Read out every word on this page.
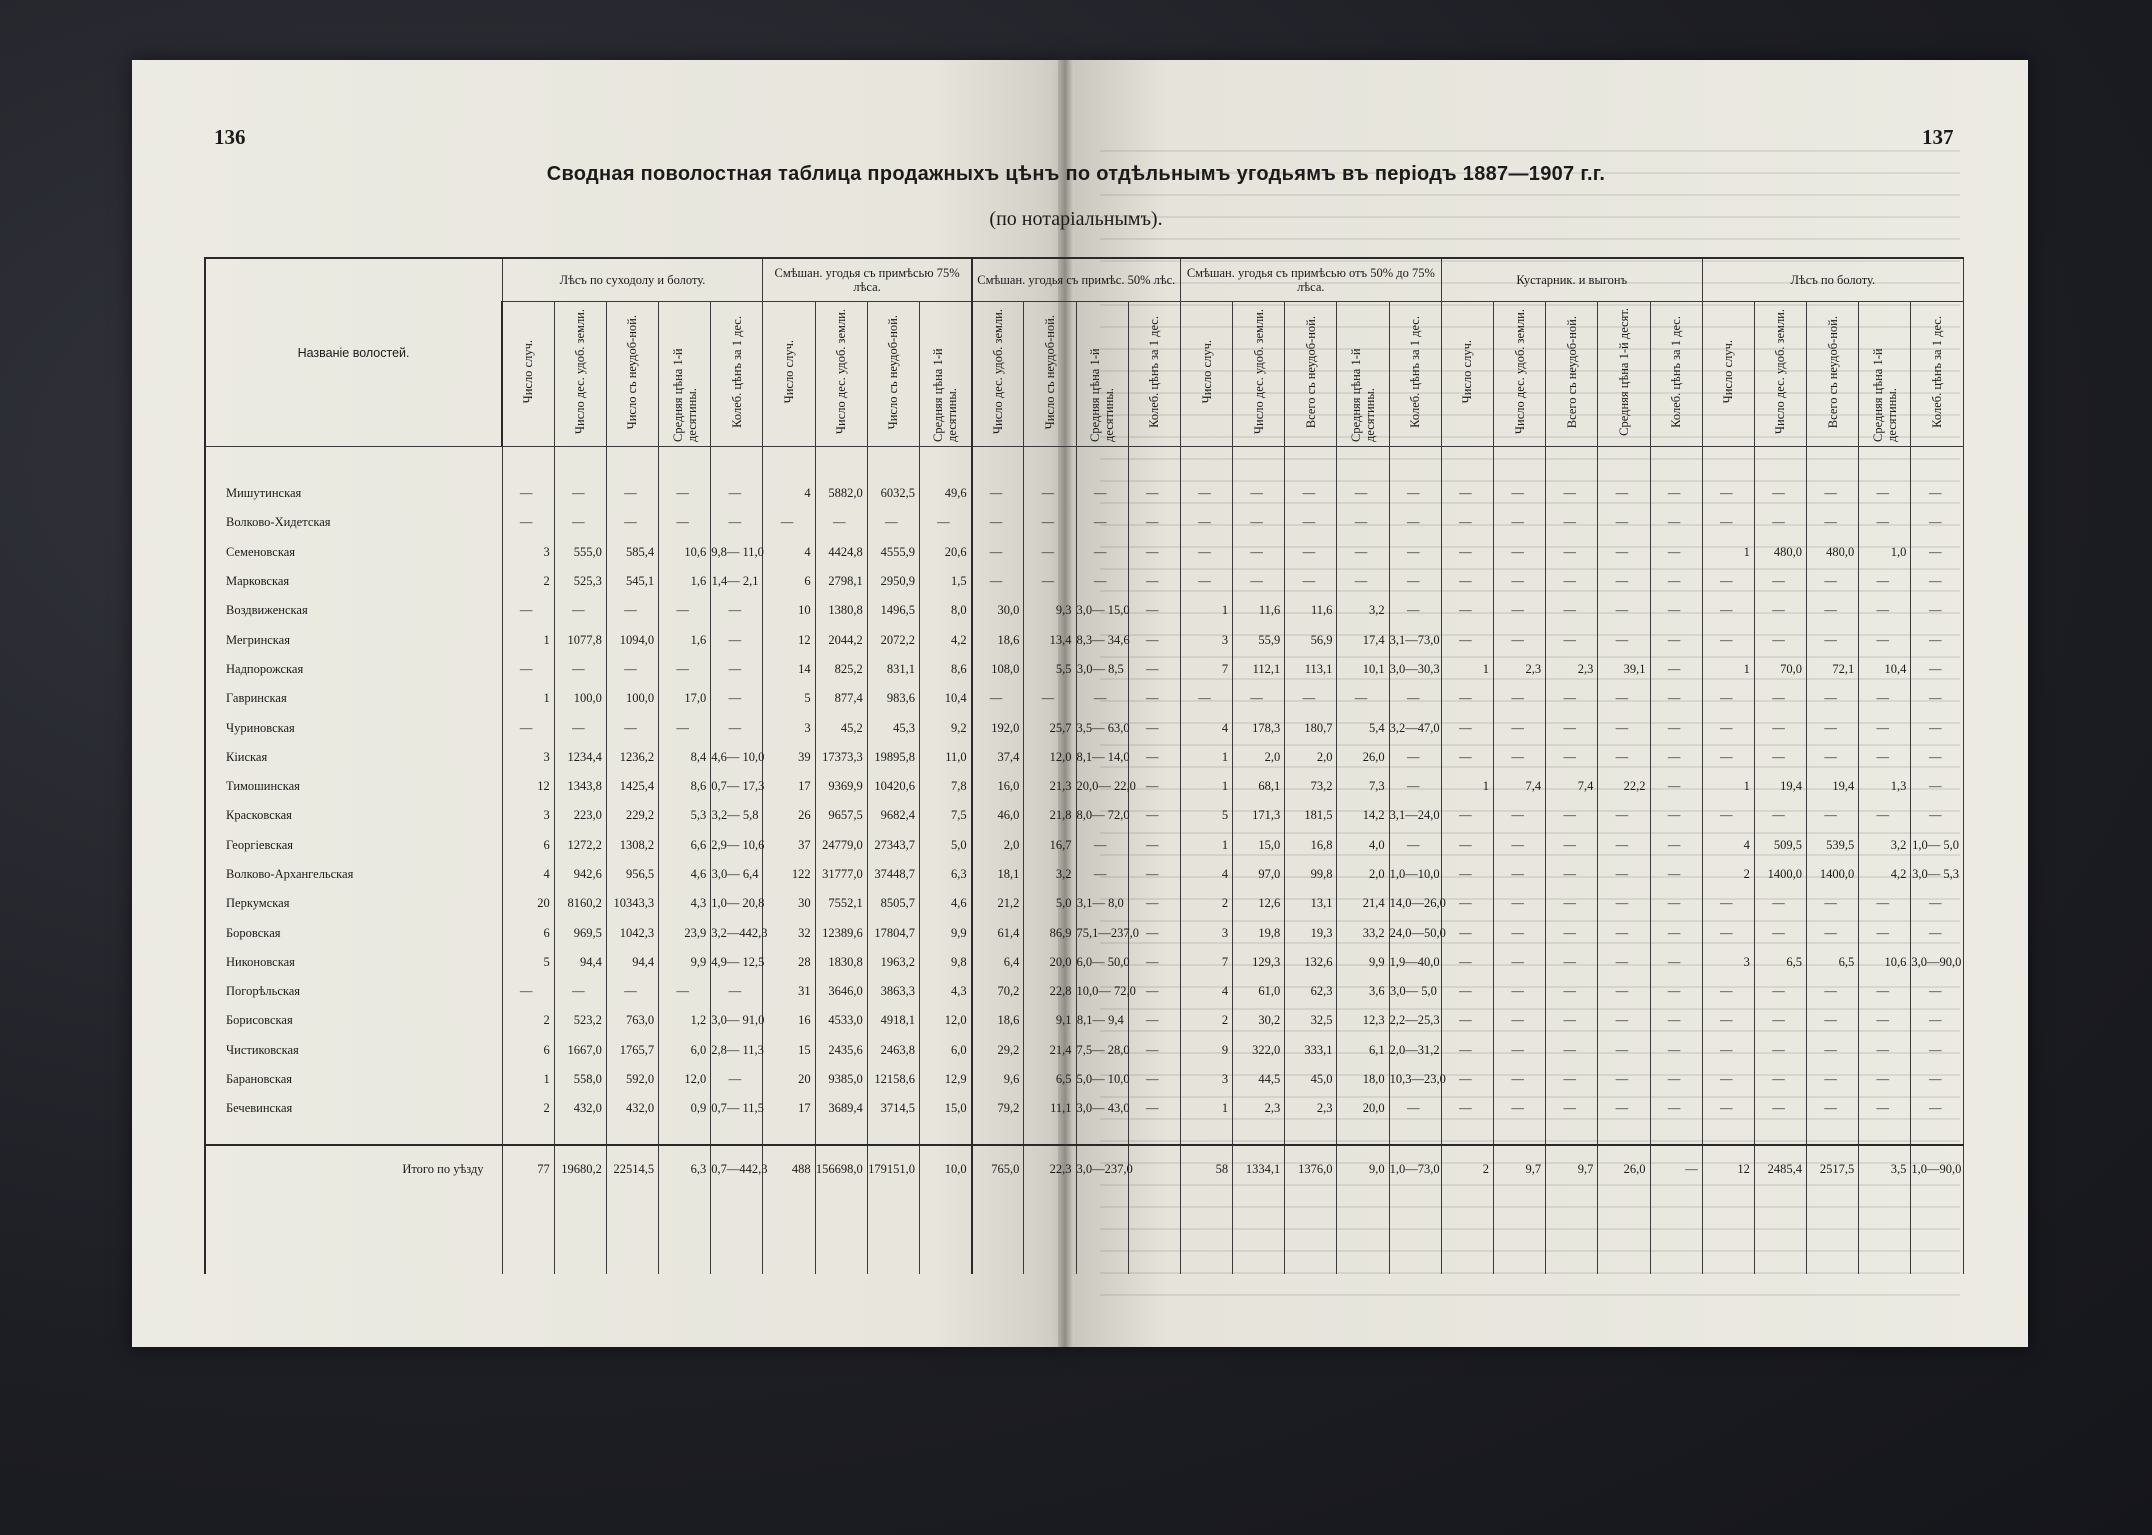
136	137
Сводная поволостная таблица продажныхъ цѣнъ по отдѣльнымъ угодьямъ въ періодъ 1887—1907 г.г.
(по нотаріальнымъ).
Названіе волостей.	Лѣсъ по суходолу и болоту.					Смѣшан. угодья съ примѣсью 75% лѣса.				Смѣшан. угодья съ примѣс. 50% лѣс.				Смѣшан. угодья съ примѣсью отъ 50% до 75% лѣса.					Кустарник. и выгонъ					Лѣсъ по болоту.				
	Число случ.	Число дес. удоб. земли.	Число съ неудоб-ной.	Средняя цѣна 1-й десятины.	Колеб. цѣнъ за 1 дес.	Число случ.	Число дес. удоб. земли.	Число съ неудоб-ной.	Средняя цѣна 1-й десятины.	Число дес. удоб. земли.	Число съ неудоб-ной.	Средняя цѣна 1-й десятины.	Колеб. цѣнъ за 1 дес.	Число случ.	Число дес. удоб. земли.	Всего съ неудоб-ной.	Средняя цѣна 1-й десятины.	Колеб. цѣнъ за 1 дес.	Число случ.	Число дес. удоб. земли.	Всего съ неудоб-ной.	Средняя цѣна 1-й десят.	Колеб. цѣнъ за 1 дес.	Число случ.	Число дес. удоб. земли.	Всего съ неудоб-ной.	Средняя цѣна 1-й десятины.	Колеб. цѣнъ за 1 дес.

Мишутинская	—	—	—	—	—	4	5882,0	6032,5	49,6	—	—	—	—	—	—	—	—	—	—	—	—	—	—	—	—	—	—	—
Волково-Хидетская	—	—	—	—	—	—	—	—	—	—	—	—	—	—	—	—	—	—	—	—	—	—	—	—	—	—	—	—
Семеновская	3	555,0	585,4	10,6	9,8— 11,0	4	4424,8	4555,9	20,6	—	—	—	—	—	—	—	—	—	—	—	—	—	—	1	480,0	480,0	1,0	—
Марковская	2	525,3	545,1	1,6	1,4— 2,1	6	2798,1	2950,9	1,5	—	—	—	—	—	—	—	—	—	—	—	—	—	—	—	—	—	—	—
Воздвиженская	—	—	—	—	—	10	1380,8	1496,5	8,0	30,0	9,3	3,0— 15,0	—	1	11,6	11,6	3,2	—	—	—	—	—	—	—	—	—	—	—
Мегринская	1	1077,8	1094,0	1,6	—	12	2044,2	2072,2	4,2	18,6	13,4	8,3— 34,6	—	3	55,9	56,9	17,4	3,1—73,0	—	—	—	—	—	—	—	—	—	—
Надпорожская	—	—	—	—	—	14	825,2	831,1	8,6	108,0	5,5	3,0— 8,5	—	7	112,1	113,1	10,1	3,0—30,3	1	2,3	2,3	39,1	—	1	70,0	72,1	10,4	—
Гавринская	1	100,0	100,0	17,0	—	5	877,4	983,6	10,4	—	—	—	—	—	—	—	—	—	—	—	—	—	—	—	—	—	—	—
Чуриновская	—	—	—	—	—	3	45,2	45,3	9,2	192,0	25,7	3,5— 63,0	—	4	178,3	180,7	5,4	3,2—47,0	—	—	—	—	—	—	—	—	—	—
Кіиская	3	1234,4	1236,2	8,4	4,6— 10,0	39	17373,3	19895,8	11,0	37,4	12,0	8,1— 14,0	—	1	2,0	2,0	26,0	—	—	—	—	—	—	—	—	—	—	—
Тимошинская	12	1343,8	1425,4	8,6	0,7— 17,3	17	9369,9	10420,6	7,8	16,0	21,3	20,0— 22,0	—	1	68,1	73,2	7,3	—	1	7,4	7,4	22,2	—	1	19,4	19,4	1,3	—
Красковская	3	223,0	229,2	5,3	3,2— 5,8	26	9657,5	9682,4	7,5	46,0	21,8	8,0— 72,0	—	5	171,3	181,5	14,2	3,1—24,0	—	—	—	—	—	—	—	—	—	—
Георгіевская	6	1272,2	1308,2	6,6	2,9— 10,6	37	24779,0	27343,7	5,0	2,0	16,7	—	—	1	15,0	16,8	4,0	—	—	—	—	—	—	4	509,5	539,5	3,2	1,0— 5,0
Волково-Архангельская	4	942,6	956,5	4,6	3,0— 6,4	122	31777,0	37448,7	6,3	18,1	3,2	—	—	4	97,0	99,8	2,0	1,0—10,0	—	—	—	—	—	2	1400,0	1400,0	4,2	3,0— 5,3
Перкумская	20	8160,2	10343,3	4,3	1,0— 20,8	30	7552,1	8505,7	4,6	21,2	5,0	3,1— 8,0	—	2	12,6	13,1	21,4	14,0—26,0	—	—	—	—	—	—	—	—	—	—
Боровская	6	969,5	1042,3	23,9	3,2—442,3	32	12389,6	17804,7	9,9	61,4	86,9	75,1—237,0	—	3	19,8	19,3	33,2	24,0—50,0	—	—	—	—	—	—	—	—	—	—
Никоновская	5	94,4	94,4	9,9	4,9— 12,5	28	1830,8	1963,2	9,8	6,4	20,0	6,0— 50,0	—	7	129,3	132,6	9,9	1,9—40,0	—	—	—	—	—	3	6,5	6,5	10,6	3,0—90,0
Погорѣльская	—	—	—	—	—	31	3646,0	3863,3	4,3	70,2	22,8	10,0— 72,0	—	4	61,0	62,3	3,6	3,0— 5,0	—	—	—	—	—	—	—	—	—	—
Борисовская	2	523,2	763,0	1,2	3,0— 91,0	16	4533,0	4918,1	12,0	18,6	9,1	8,1— 9,4	—	2	30,2	32,5	12,3	2,2—25,3	—	—	—	—	—	—	—	—	—	—
Чистиковская	6	1667,0	1765,7	6,0	2,8— 11,3	15	2435,6	2463,8	6,0	29,2	21,4	7,5— 28,0	—	9	322,0	333,1	6,1	2,0—31,2	—	—	—	—	—	—	—	—	—	—
Барановская	1	558,0	592,0	12,0	—	20	9385,0	12158,6	12,9	9,6	6,5	5,0— 10,0	—	3	44,5	45,0	18,0	10,3—23,0	—	—	—	—	—	—	—	—	—	—
Бечевинская	2	432,0	432,0	0,9	0,7— 11,5	17	3689,4	3714,5	15,0	79,2	11,1	3,0— 43,0	—	1	2,3	2,3	20,0	—	—	—	—	—	—	—	—	—	—	—

Итого по уѣзду	77	19680,2	22514,5	6,3	0,7—442,3	488	156698,0	179151,0	10,0	765,0	22,3	3,0—237,0		58	1334,1	1376,0	9,0	1,0—73,0	2	9,7	9,7	26,0	—	12	2485,4	2517,5	3,5	1,0—90,0
